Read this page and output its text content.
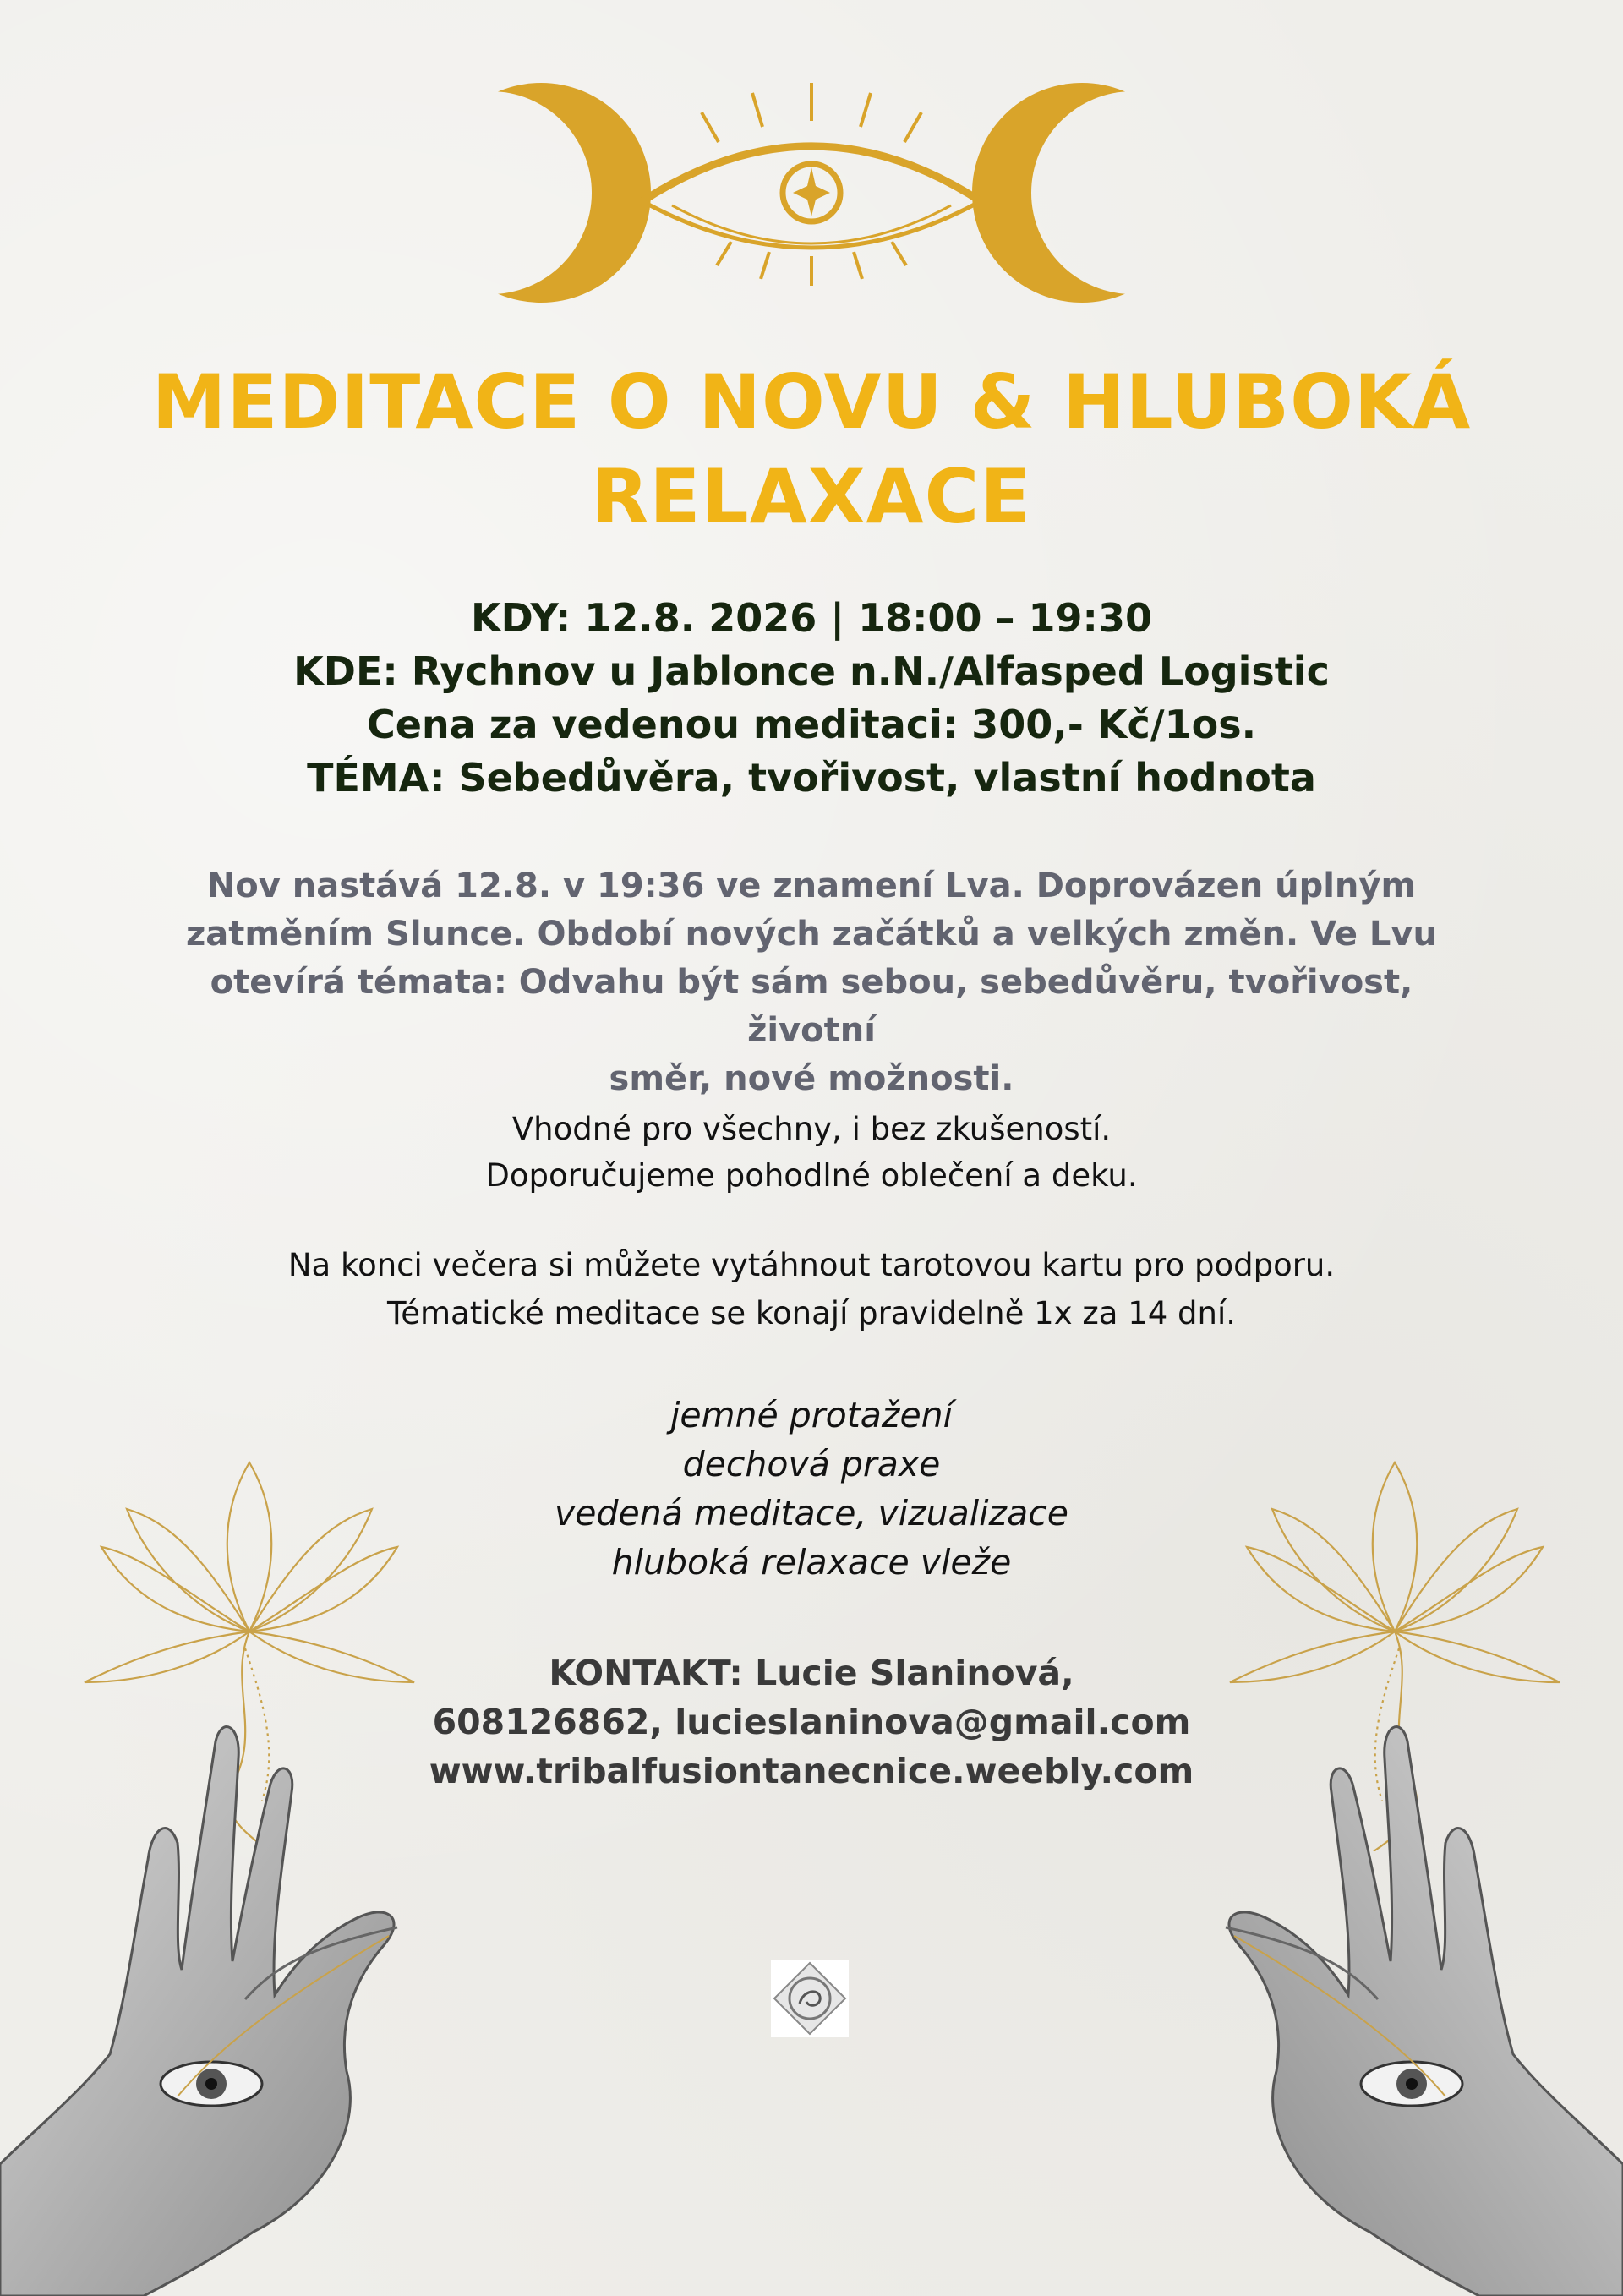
MEDITACE O NOVU & HLUBOKÁ
RELAXACE
KDY: 12.8. 2026 | 18:00 – 19:30
KDE: Rychnov u Jablonce n.N./Alfasped Logistic
Cena za vedenou meditaci: 300,- Kč/1os.
TÉMA: Sebedůvěra, tvořivost, vlastní hodnota
Nov nastává 12.8. v 19:36 ve znamení Lva. Doprovázen úplným
zatměním Slunce. Období nových začátků a velkých změn. Ve Lvu
otevírá témata: Odvahu být sám sebou, sebedůvěru, tvořivost, životní
směr, nové možnosti.
Vhodné pro všechny, i bez zkušeností.
Doporučujeme pohodlné oblečení a deku.
Na konci večera si můžete vytáhnout tarotovou kartu pro podporu.
Tématické meditace se konají pravidelně 1x za 14 dní.
jemné protažení
dechová praxe
vedená meditace, vizualizace
hluboká relaxace vleže
KONTAKT: Lucie Slaninová,
608126862, lucieslaninova@gmail.com
www.tribalfusiontanecnice.weebly.com
